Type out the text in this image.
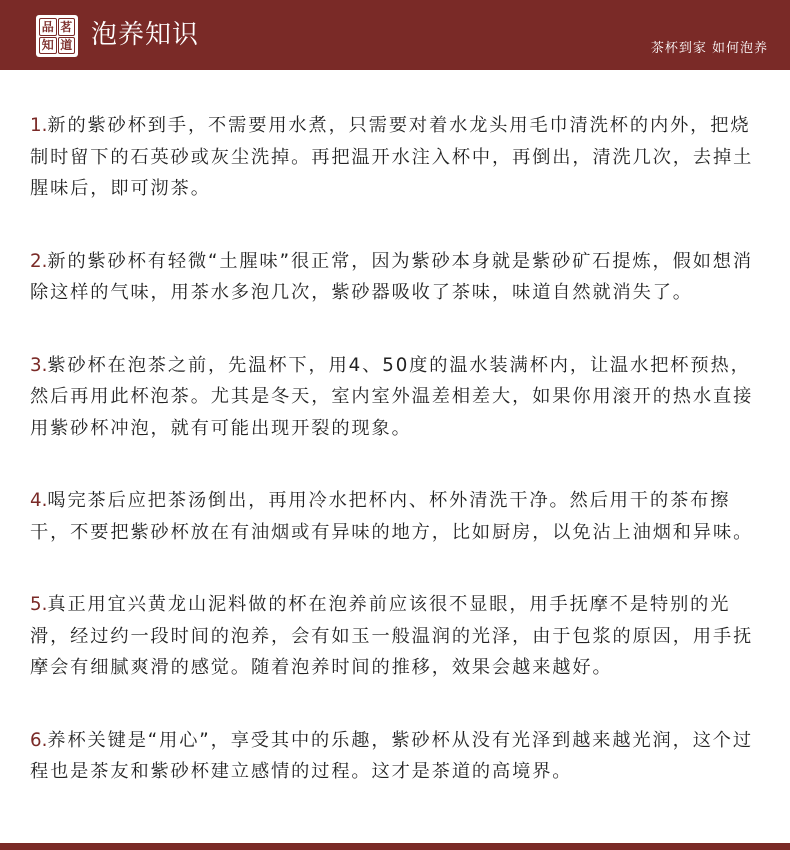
品 茗
知 道 泡养知识	茶杯到家 如何泡养

1.新的紫砂杯到手，不需要用水煮，只需要对着水龙头用毛巾清洗杯的内外，把烧制时留下的石英砂或灰尘洗掉。再把温开水注入杯中，再倒出，清洗几次，去掉土腥味后，即可沏茶。

2.新的紫砂杯有轻微“土腥味”很正常，因为紫砂本身就是紫砂矿石提炼，假如想消除这样的气味，用茶水多泡几次，紫砂器吸收了茶味，味道自然就消失了。

3.紫砂杯在泡茶之前，先温杯下，用4、50度的温水装满杯内，让温水把杯预热，然后再用此杯泡茶。尤其是冬天，室内室外温差相差大，如果你用滚开的热水直接用紫砂杯冲泡，就有可能出现开裂的现象。

4.喝完茶后应把茶汤倒出，再用冷水把杯内、杯外清洗干净。然后用干的茶布擦干，不要把紫砂杯放在有油烟或有异味的地方，比如厨房，以免沾上油烟和异味。

5.真正用宜兴黄龙山泥料做的杯在泡养前应该很不显眼，用手抚摩不是特别的光滑，经过约一段时间的泡养，会有如玉一般温润的光泽，由于包浆的原因，用手抚摩会有细腻爽滑的感觉。随着泡养时间的推移，效果会越来越好。

6.养杯关键是“用心”，享受其中的乐趣，紫砂杯从没有光泽到越来越光润，这个过程也是茶友和紫砂杯建立感情的过程。这才是茶道的高境界。
